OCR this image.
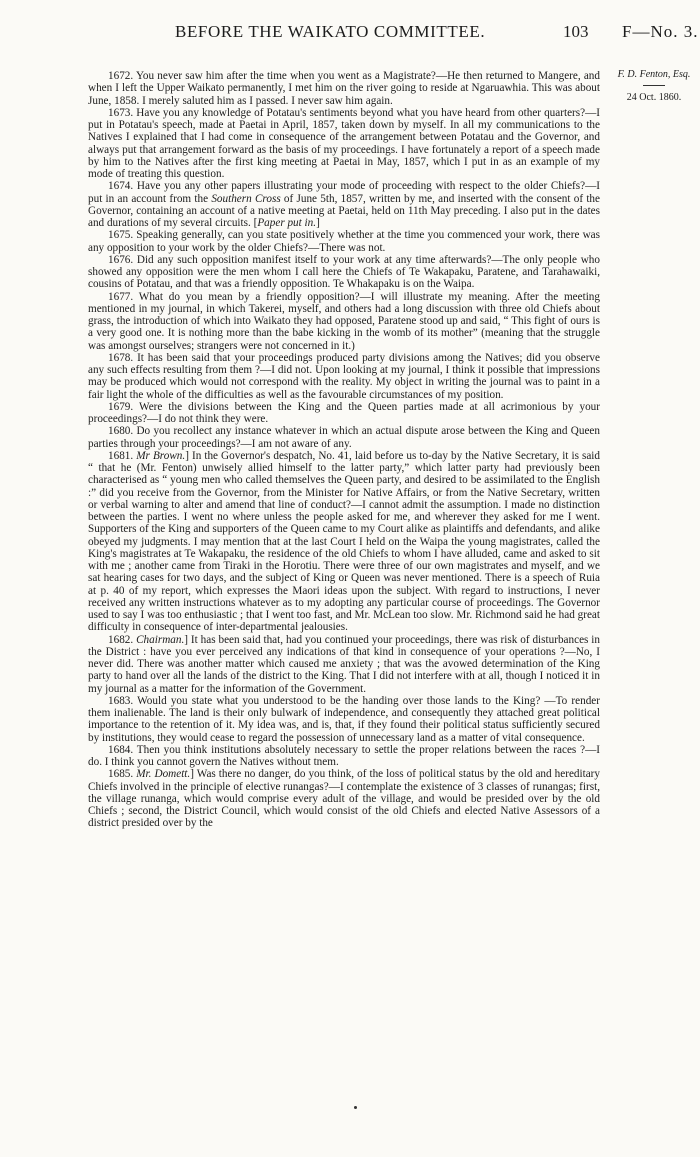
BEFORE THE WAIKATO COMMITTEE.	103 F—No. 3.
F. D. Fenton, Esq.
24 Oct. 1860.

1672. You never saw him after the time when you went as a Magistrate?—He then returned to Mangere, and when I left the Upper Waikato permanently, I met him on the river going to reside at Ngaruawhia. This was about June, 1858. I merely saluted him as I passed. I never saw him again.

1673. Have you any knowledge of Potatau's sentiments beyond what you have heard from other quarters?—I put in Potatau's speech, made at Paetai in April, 1857, taken down by myself. In all my communications to the Natives I explained that I had come in consequence of the arrangement between Potatau and the Governor, and always put that arrangement forward as the basis of my proceedings. I have fortunately a report of a speech made by him to the Natives after the first king meeting at Paetai in May, 1857, which I put in as an example of my mode of treating this question.

1674. Have you any other papers illustrating your mode of proceeding with respect to the older Chiefs?—I put in an account from the Southern Cross of June 5th, 1857, written by me, and inserted with the consent of the Governor, containing an account of a native meeting at Paetai, held on 11th May preceding. I also put in the dates and durations of my several circuits. [Paper put in.]

1675. Speaking generally, can you state positively whether at the time you commenced your work, there was any opposition to your work by the older Chiefs?—There was not.

1676. Did any such opposition manifest itself to your work at any time afterwards?—The only people who showed any opposition were the men whom I call here the Chiefs of Te Wakapaku, Paratene, and Tarahawaiki, cousins of Potatau, and that was a friendly opposition. Te Whakapaku is on the Waipa.

1677. What do you mean by a friendly opposition?—I will illustrate my meaning. After the meeting mentioned in my journal, in which Takerei, myself, and others had a long discussion with three old Chiefs about grass, the introduction of which into Waikato they had opposed, Paratene stood up and said, “ This fight of ours is a very good one. It is nothing more than the babe kicking in the womb of its mother” (meaning that the struggle was amongst ourselves; strangers were not concerned in it.)

1678. It has been said that your proceedings produced party divisions among the Natives; did you observe any such effects resulting from them ?—I did not. Upon looking at my journal, I think it possible that impressions may be produced which would not correspond with the reality. My object in writing the journal was to paint in a fair light the whole of the difficulties as well as the favourable circumstances of my position.

1679. Were the divisions between the King and the Queen parties made at all acrimonious by your proceedings?—I do not think they were.

1680. Do you recollect any instance whatever in which an actual dispute arose between the King and Queen parties through your proceedings?—I am not aware of any.

1681. Mr Brown.] In the Governor's despatch, No. 41, laid before us to-day by the Native Secretary, it is said “ that he (Mr. Fenton) unwisely allied himself to the latter party,” which latter party had previously been characterised as “ young men who called themselves the Queen party, and desired to be assimilated to the English :” did you receive from the Governor, from the Minister for Native Affairs, or from the Native Secretary, written or verbal warning to alter and amend that line of conduct?—I cannot admit the assumption. I made no distinction between the parties. I went no where unless the people asked for me, and wherever they asked for me I went. Supporters of the King and supporters of the Queen came to my Court alike as plaintiffs and defendants, and alike obeyed my judgments. I may mention that at the last Court I held on the Waipa the young magistrates, called the King's magistrates at Te Wakapaku, the residence of the old Chiefs to whom I have alluded, came and asked to sit with me ; another came from Tiraki in the Horotiu. There were three of our own magistrates and myself, and we sat hearing cases for two days, and the subject of King or Queen was never mentioned. There is a speech of Ruia at p. 40 of my report, which expresses the Maori ideas upon the subject. With regard to instructions, I never received any written instructions whatever as to my adopting any particular course of proceedings. The Governor used to say I was too enthusiastic ; that I went too fast, and Mr. McLean too slow. Mr. Richmond said he had great difficulty in consequence of inter-departmental jealousies.

1682. Chairman.] It has been said that, had you continued your proceedings, there was risk of disturbances in the District : have you ever perceived any indications of that kind in consequence of your operations ?—No, I never did. There was another matter which caused me anxiety ; that was the avowed determination of the King party to hand over all the lands of the district to the King. That I did not interfere with at all, though I noticed it in my journal as a matter for the information of the Government.

1683. Would you state what you understood to be the handing over those lands to the King? —To render them inalienable. The land is their only bulwark of independence, and consequently they attached great political importance to the retention of it. My idea was, and is, that, if they found their political status sufficiently secured by institutions, they would cease to regard the possession of unnecessary land as a matter of vital consequence.

1684. Then you think institutions absolutely necessary to settle the proper relations between the races ?—I do. I think you cannot govern the Natives without tnem.

1685. Mr. Domett.] Was there no danger, do you think, of the loss of political status by the old and hereditary Chiefs involved in the principle of elective runangas?—I contemplate the existence of 3 classes of runangas; first, the village runanga, which would comprise every adult of the village, and would be presided over by the old Chiefs ; second, the District Council, which would consist of the old Chiefs and elected Native Assessors of a district presided over by the
